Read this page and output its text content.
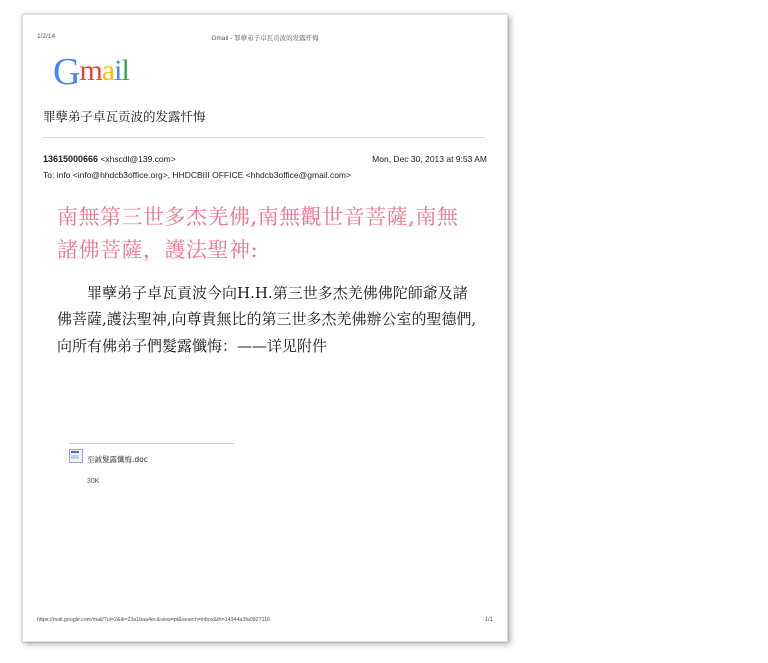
1/2/14	Gmail - 罪孽弟子卓瓦贡波的发露忏悔
Gmail
罪孽弟子卓瓦贡波的发露忏悔
13615000666 <xhscdl@139.com>	Mon, Dec 30, 2013 at 9:53 AM
To: info <info@hhdcb3office.org>, HHDCBIII OFFICE <hhdcb3office@gmail.com>
南無第三世多杰羌佛,南無觀世音菩薩,南無諸佛菩薩，護法聖神:
罪孽弟子卓瓦貢波今向H.H.第三世多杰羌佛佛陀師爺及諸佛菩薩,護法聖神,向尊貴無比的第三世多杰羌佛辦公室的聖德們,向所有佛弟子們髮露懺悔：——详见附件
至誠髮露懺悔.doc
30K
https://mail.google.com/mail/?ui=2&ik=23a1baa4ec&view=pt&search=inbox&th=14344a3fa0927116	1/1
